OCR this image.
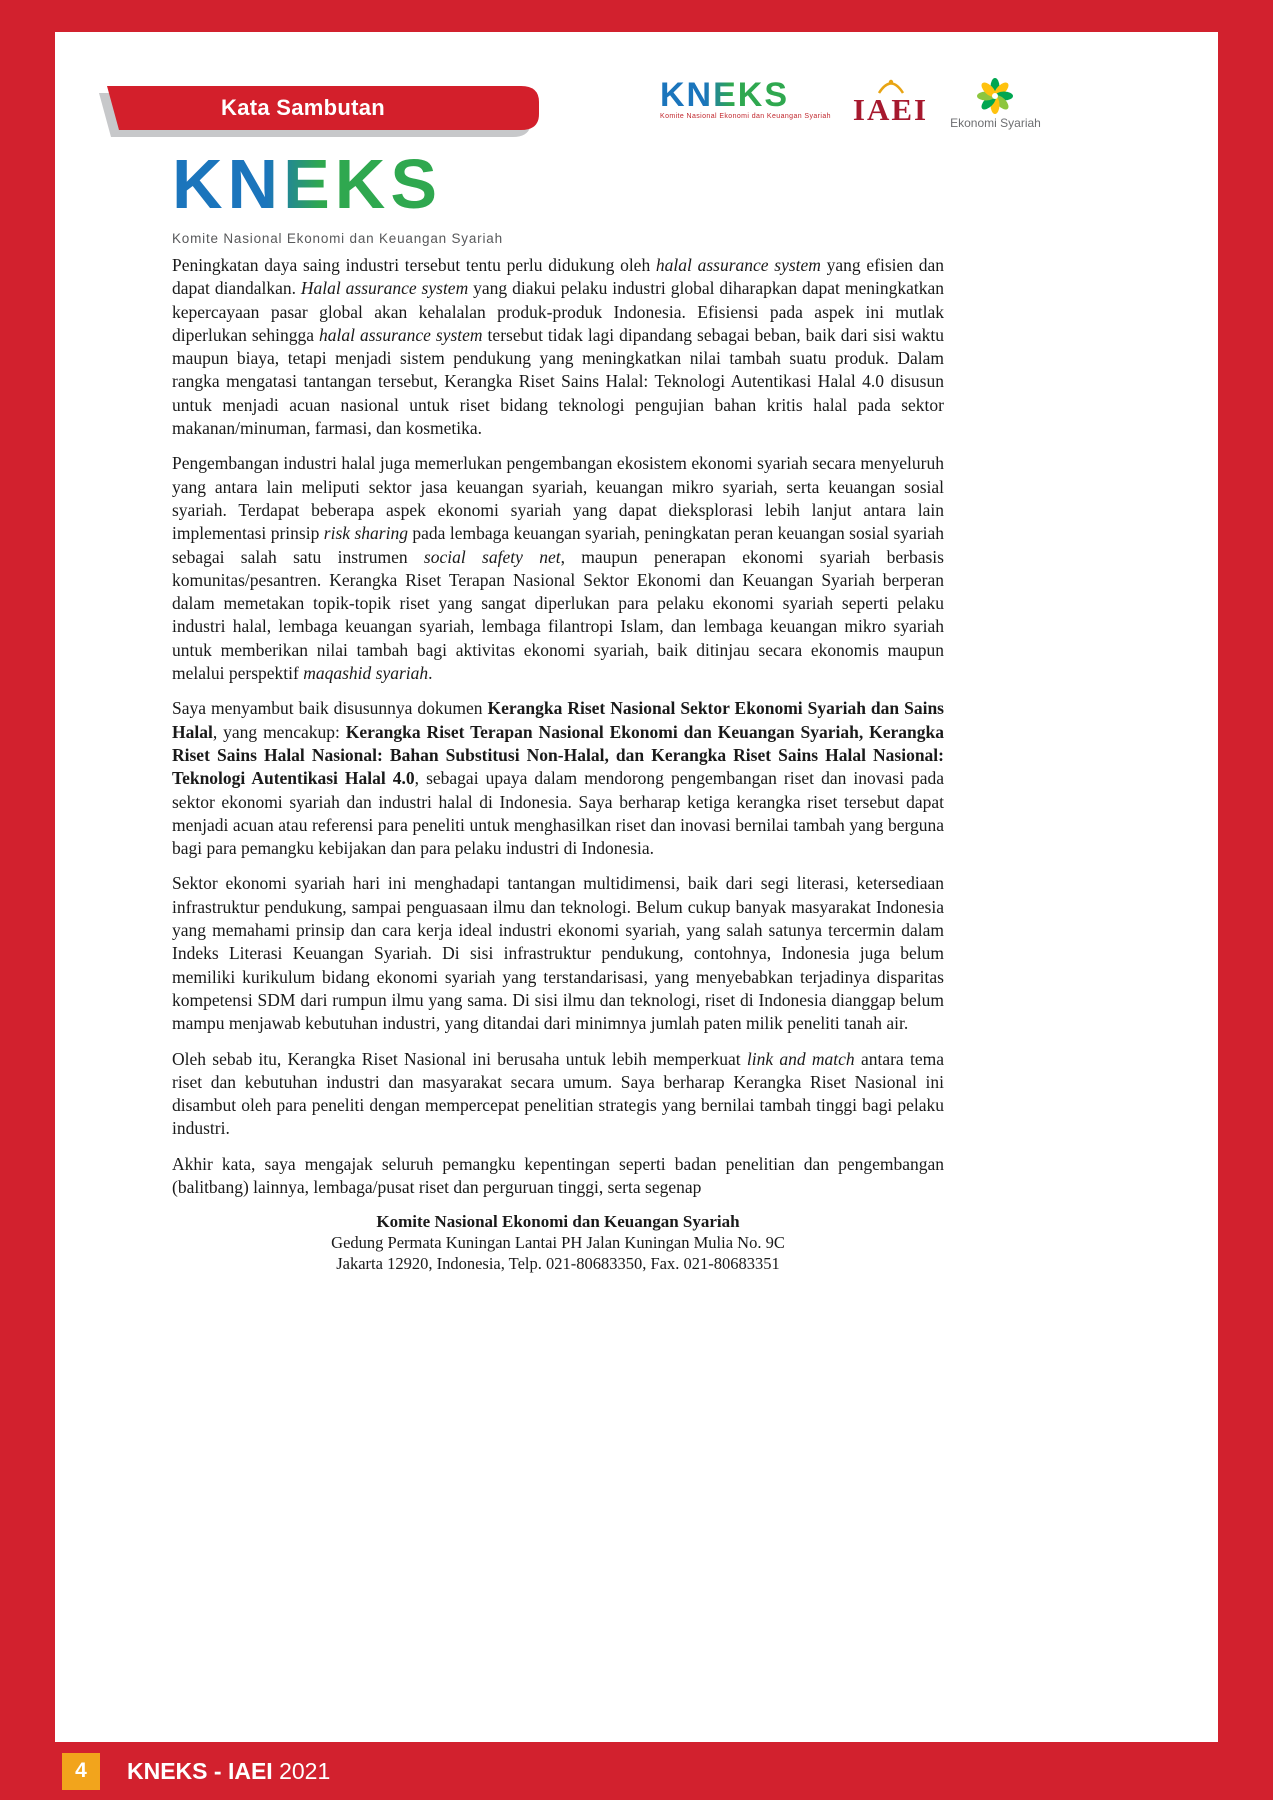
Kata Sambutan	KNEKS
Komite Nasional Ekonomi dan Keuangan Syariah IAEI Ekonomi Syariah
KNEKS
Komite Nasional Ekonomi dan Keuangan Syariah

Peningkatan daya saing industri tersebut tentu perlu didukung oleh halal assurance system yang efisien dan dapat diandalkan. Halal assurance system yang diakui pelaku industri global diharapkan dapat meningkatkan kepercayaan pasar global akan kehalalan produk-produk Indonesia. Efisiensi pada aspek ini mutlak diperlukan sehingga halal assurance system tersebut tidak lagi dipandang sebagai beban, baik dari sisi waktu maupun biaya, tetapi menjadi sistem pendukung yang meningkatkan nilai tambah suatu produk. Dalam rangka mengatasi tantangan tersebut, Kerangka Riset Sains Halal: Teknologi Autentikasi Halal 4.0 disusun untuk menjadi acuan nasional untuk riset bidang teknologi pengujian bahan kritis halal pada sektor makanan/minuman, farmasi, dan kosmetika.

Pengembangan industri halal juga memerlukan pengembangan ekosistem ekonomi syariah secara menyeluruh yang antara lain meliputi sektor jasa keuangan syariah, keuangan mikro syariah, serta keuangan sosial syariah. Terdapat beberapa aspek ekonomi syariah yang dapat dieksplorasi lebih lanjut antara lain implementasi prinsip risk sharing pada lembaga keuangan syariah, peningkatan peran keuangan sosial syariah sebagai salah satu instrumen social safety net, maupun penerapan ekonomi syariah berbasis komunitas/pesantren. Kerangka Riset Terapan Nasional Sektor Ekonomi dan Keuangan Syariah berperan dalam memetakan topik-topik riset yang sangat diperlukan para pelaku ekonomi syariah seperti pelaku industri halal, lembaga keuangan syariah, lembaga filantropi Islam, dan lembaga keuangan mikro syariah untuk memberikan nilai tambah bagi aktivitas ekonomi syariah, baik ditinjau secara ekonomis maupun melalui perspektif maqashid syariah.

Saya menyambut baik disusunnya dokumen Kerangka Riset Nasional Sektor Ekonomi Syariah dan Sains Halal, yang mencakup: Kerangka Riset Terapan Nasional Ekonomi dan Keuangan Syariah, Kerangka Riset Sains Halal Nasional: Bahan Substitusi Non-Halal, dan Kerangka Riset Sains Halal Nasional: Teknologi Autentikasi Halal 4.0, sebagai upaya dalam mendorong pengembangan riset dan inovasi pada sektor ekonomi syariah dan industri halal di Indonesia. Saya berharap ketiga kerangka riset tersebut dapat menjadi acuan atau referensi para peneliti untuk menghasilkan riset dan inovasi bernilai tambah yang berguna bagi para pemangku kebijakan dan para pelaku industri di Indonesia.

Sektor ekonomi syariah hari ini menghadapi tantangan multidimensi, baik dari segi literasi, ketersediaan infrastruktur pendukung, sampai penguasaan ilmu dan teknologi. Belum cukup banyak masyarakat Indonesia yang memahami prinsip dan cara kerja ideal industri ekonomi syariah, yang salah satunya tercermin dalam Indeks Literasi Keuangan Syariah. Di sisi infrastruktur pendukung, contohnya, Indonesia juga belum memiliki kurikulum bidang ekonomi syariah yang terstandarisasi, yang menyebabkan terjadinya disparitas kompetensi SDM dari rumpun ilmu yang sama. Di sisi ilmu dan teknologi, riset di Indonesia dianggap belum mampu menjawab kebutuhan industri, yang ditandai dari minimnya jumlah paten milik peneliti tanah air.

Oleh sebab itu, Kerangka Riset Nasional ini berusaha untuk lebih memperkuat link and match antara tema riset dan kebutuhan industri dan masyarakat secara umum. Saya berharap Kerangka Riset Nasional ini disambut oleh para peneliti dengan mempercepat penelitian strategis yang bernilai tambah tinggi bagi pelaku industri.

Akhir kata, saya mengajak seluruh pemangku kepentingan seperti badan penelitian dan pengembangan (balitbang) lainnya, lembaga/pusat riset dan perguruan tinggi, serta segenap

Komite Nasional Ekonomi dan Keuangan Syariah
Gedung Permata Kuningan Lantai PH Jalan Kuningan Mulia No. 9C
Jakarta 12920, Indonesia, Telp. 021-80683350, Fax. 021-80683351
4 KNEKS - IAEI 2021
